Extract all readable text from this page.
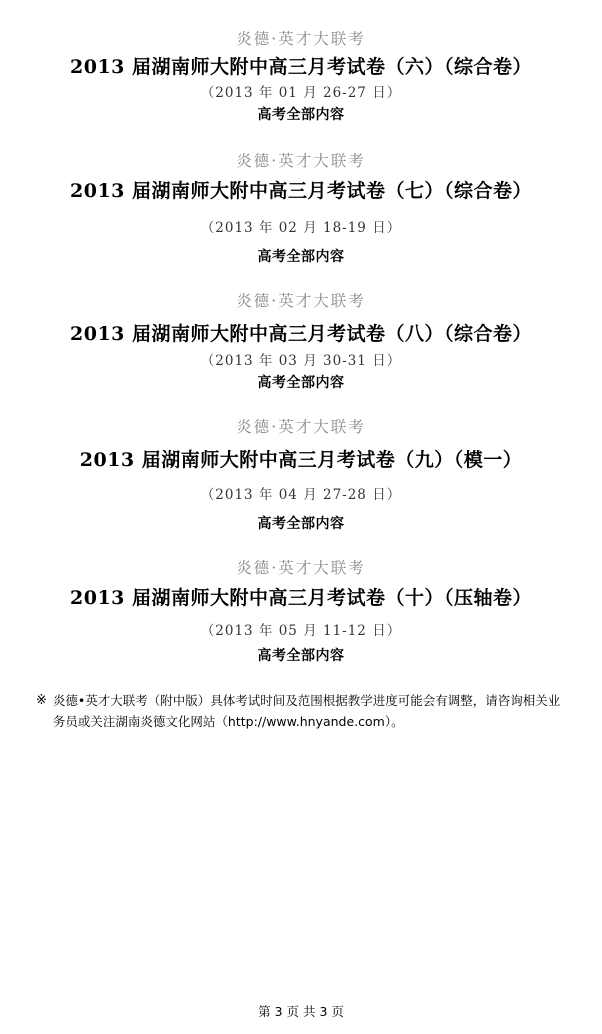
炎德·英才大联考

2013 届湖南师大附中高三月考试卷（六）（综合卷）

（2013 年 01 月 26-27 日）

高考全部内容

炎德·英才大联考

2013 届湖南师大附中高三月考试卷（七）（综合卷）

（2013 年 02 月 18-19 日）

高考全部内容

炎德·英才大联考

2013 届湖南师大附中高三月考试卷（八）（综合卷）

（2013 年 03 月 30-31 日）

高考全部内容

炎德·英才大联考

2013 届湖南师大附中高三月考试卷（九）（模一）

（2013 年 04 月 27-28 日）

高考全部内容

炎德·英才大联考

2013 届湖南师大附中高三月考试卷（十）（压轴卷）

（2013 年 05 月 11-12 日）

高考全部内容

※ 炎德•英才大联考（附中版）具体考试时间及范围根据教学进度可能会有调整，请咨询相关业务员或关注湖南炎德文化网站（http://www.hnyande.com）。
第 3 页 共 3 页
